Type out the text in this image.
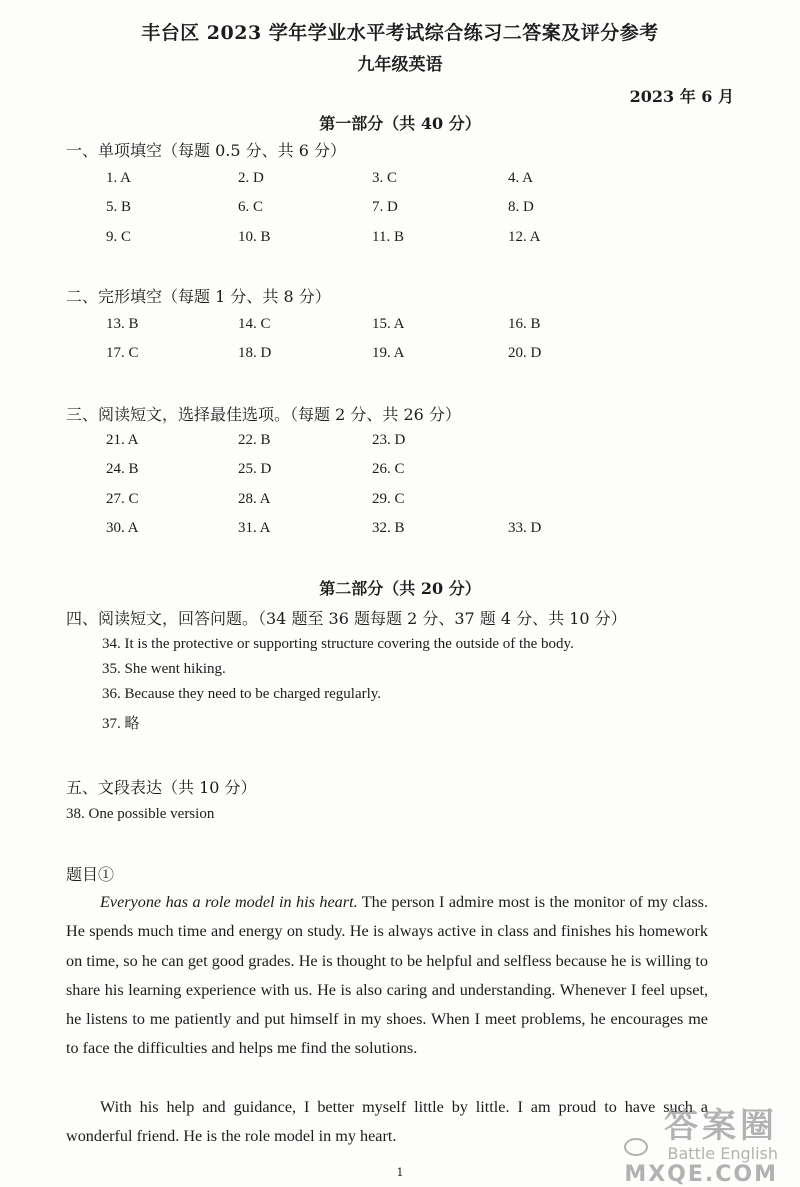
丰台区 2023 学年学业水平考试综合练习二答案及评分参考
九年级英语
2023 年 6 月
第一部分（共 40 分）
一、单项填空（每题 0.5 分、共 6 分）
1. A	2. D	3. C	4. A
5. B	6. C	7. D	8. D
9. C	10. B	11. B	12. A
二、完形填空（每题 1 分、共 8 分）
13. B	14. C	15. A	16. B
17. C	18. D	19. A	20. D
三、阅读短文，选择最佳选项。（每题 2 分、共 26 分）
21. A	22. B	23. D
24. B	25. D	26. C
27. C	28. A	29. C
30. A	31. A	32. B	33. D
第二部分（共 20 分）
四、阅读短文，回答问题。（34 题至 36 题每题 2 分、37 题 4 分、共 10 分）
34. It is the protective or supporting structure covering the outside of the body.
35. She went hiking.
36. Because they need to be charged regularly.
37. 略
五、文段表达（共 10 分）
38. One possible version
题目①

Everyone has a role model in his heart. The person I admire most is the monitor of my class. He spends much time and energy on study. He is always active in class and finishes his homework on time, so he can get good grades. He is thought to be helpful and selfless because he is willing to share his learning experience with us. He is also caring and understanding. Whenever I feel upset, he listens to me patiently and put himself in my shoes. When I meet problems, he encourages me to face the difficulties and helps me find the solutions.

With his help and guidance, I better myself little by little. I am proud to have such a wonderful friend. He is the role model in my heart.

1
答案圈
Battle English
MXQE.COM
